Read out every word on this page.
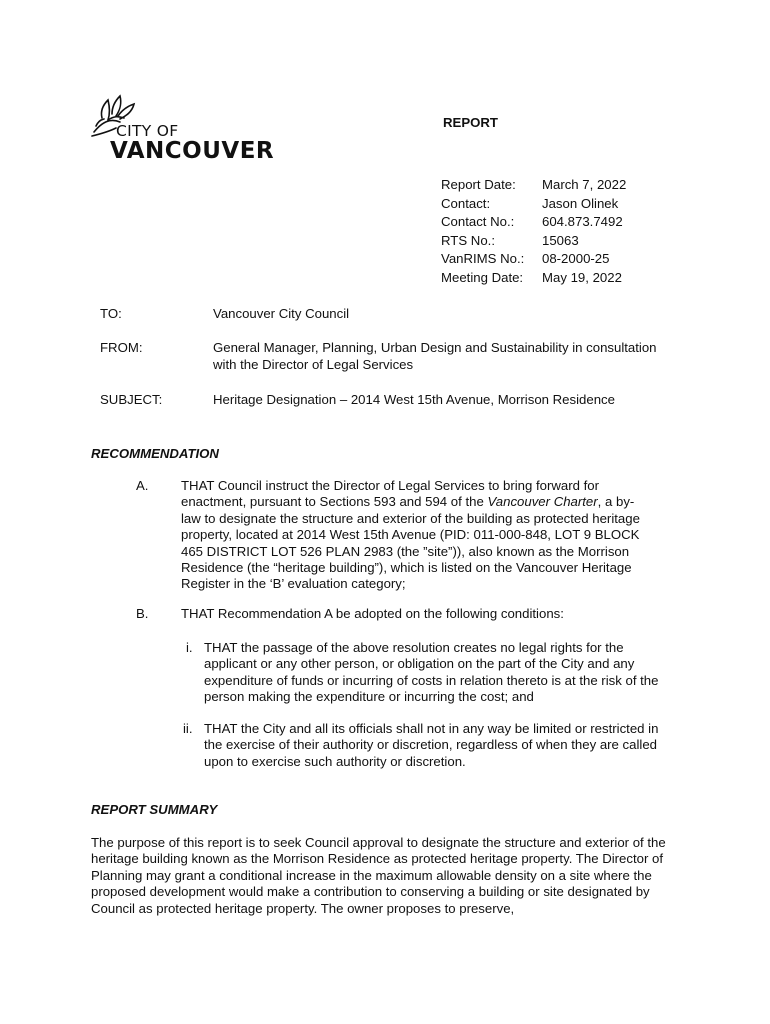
CITY OF
VANCOUVER
REPORT
Report Date:	March 7, 2022
Contact:	Jason Olinek
Contact No.:	604.873.7492
RTS No.:	15063
VanRIMS No.:	08-2000-25
Meeting Date:	May 19, 2022
TO:	Vancouver City Council
FROM:	General Manager, Planning, Urban Design and Sustainability in consultation with the Director of Legal Services
SUBJECT:	Heritage Designation – 2014 West 15th Avenue, Morrison Residence
RECOMMENDATION
A. THAT Council instruct the Director of Legal Services to bring forward for enactment, pursuant to Sections 593 and 594 of the Vancouver Charter, a by-law to designate the structure and exterior of the building as protected heritage property, located at 2014 West 15th Avenue (PID: 011-000-848, LOT 9 BLOCK 465 DISTRICT LOT 526 PLAN 2983 (the ”site”)), also known as the Morrison Residence (the “heritage building”), which is listed on the Vancouver Heritage Register in the ‘B’ evaluation category;
B. THAT Recommendation A be adopted on the following conditions:
i. THAT the passage of the above resolution creates no legal rights for the applicant or any other person, or obligation on the part of the City and any expenditure of funds or incurring of costs in relation thereto is at the risk of the person making the expenditure or incurring the cost; and
ii. THAT the City and all its officials shall not in any way be limited or restricted in the exercise of their authority or discretion, regardless of when they are called upon to exercise such authority or discretion.
REPORT SUMMARY
The purpose of this report is to seek Council approval to designate the structure and exterior of the heritage building known as the Morrison Residence as protected heritage property. The Director of Planning may grant a conditional increase in the maximum allowable density on a site where the proposed development would make a contribution to conserving a building or site designated by Council as protected heritage property. The owner proposes to preserve,
